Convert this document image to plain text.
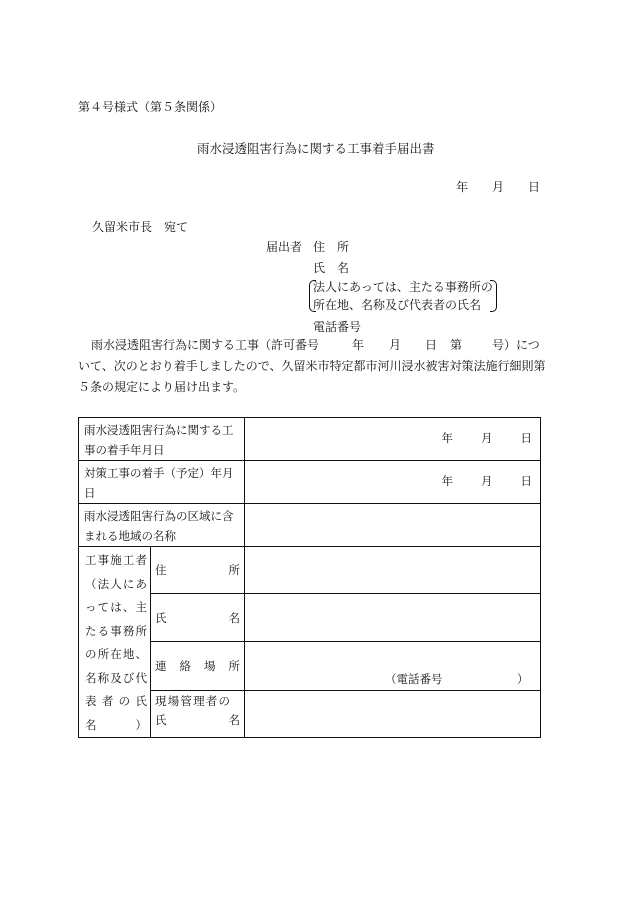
第４号様式（第５条関係）
雨水浸透阻害行為に関する工事着手届出書
年 月 日
久留米市長　宛て
届出者 住　所
氏　名
法人にあっては、主たる事務所の
所在地、名称及び代表者の氏名
電話番号
雨水浸透阻害行為に関する工事（許可番号	年 月 日 第 号）につ
いて、次のとおり着手しましたので、久留米市特定都市河川浸水被害対策法施行細則第
５条の規定により届け出ます。
雨水浸透阻害行為に関する工事の着手年月日		年 月 日

対策工事の着手（予定）年月日		年 月 日

雨水浸透阻害行為の区域に含まれる地域の名称		
工事施工者（法人にあっては、主たる事務所の所在地、名称及び代表者の氏名）	住 所	

	氏 名	

	連 絡 場 所	（電話番号 ）

	現場管理者の
氏 名	
